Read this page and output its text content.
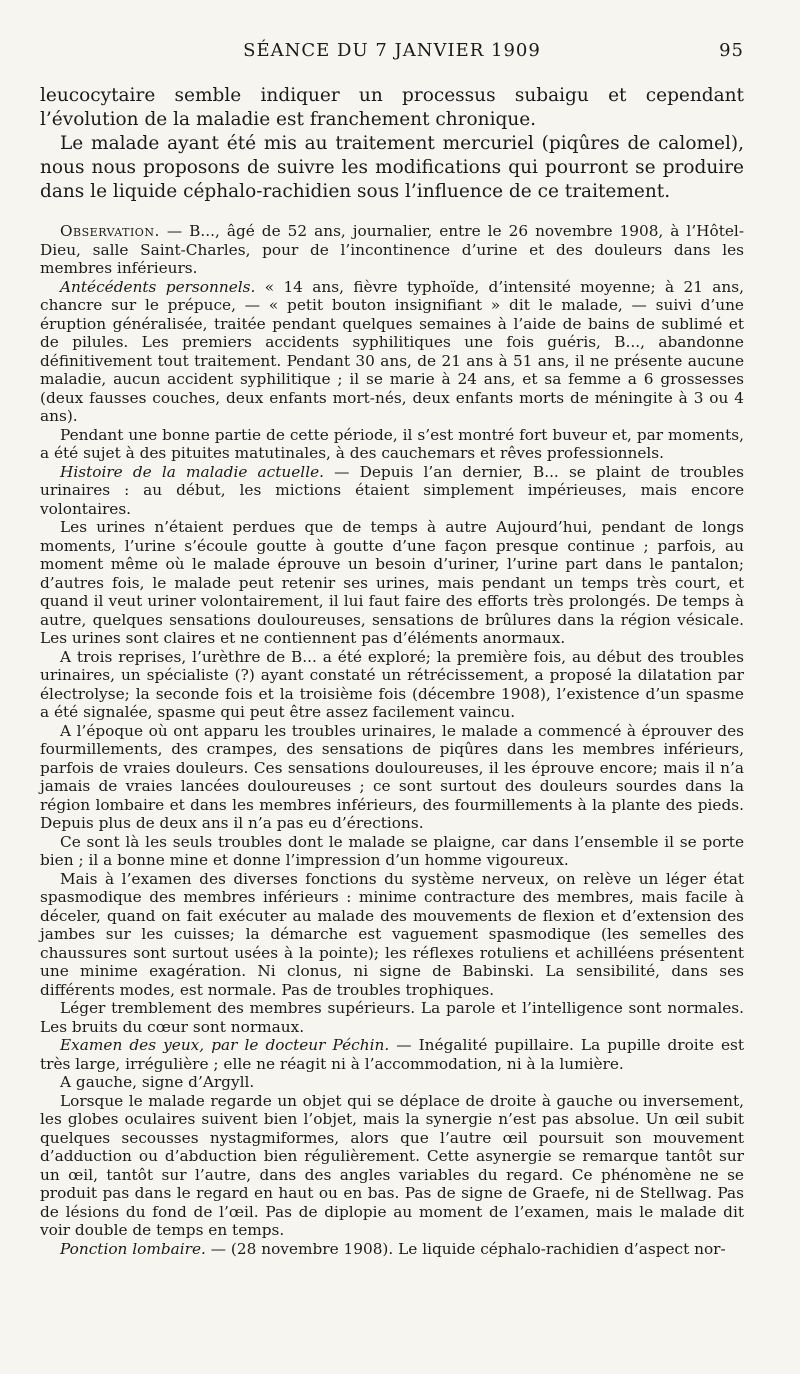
SÉANCE DU 7 JANVIER 1909	95

leucocytaire semble indiquer un processus subaigu et cependant l’évolution de la maladie est franchement chronique.

Le malade ayant été mis au traitement mercuriel (piqûres de calomel), nous nous proposons de suivre les modifications qui pourront se produire dans le liquide céphalo-rachidien sous l’influence de ce traitement.

Observation. — B..., âgé de 52 ans, journalier, entre le 26 novembre 1908, à l’Hôtel-Dieu, salle Saint-Charles, pour de l’incontinence d’urine et des douleurs dans les membres inférieurs.

Antécédents personnels. « 14 ans, fièvre typhoïde, d’intensité moyenne; à 21 ans, chancre sur le prépuce, — « petit bouton insignifiant » dit le malade, — suivi d’une éruption généralisée, traitée pendant quelques semaines à l’aide de bains de sublimé et de pilules. Les premiers accidents syphilitiques une fois guéris, B..., abandonne définitivement tout traitement. Pendant 30 ans, de 21 ans à 51 ans, il ne présente aucune maladie, aucun accident syphilitique ; il se marie à 24 ans, et sa femme a 6 grossesses (deux fausses couches, deux enfants mort-nés, deux enfants morts de méningite à 3 ou 4 ans).

Pendant une bonne partie de cette période, il s’est montré fort buveur et, par moments, a été sujet à des pituites matutinales, à des cauchemars et rêves professionnels.

Histoire de la maladie actuelle. — Depuis l’an dernier, B... se plaint de troubles urinaires : au début, les mictions étaient simplement impérieuses, mais encore volontaires.

Les urines n’étaient perdues que de temps à autre Aujourd’hui, pendant de longs moments, l’urine s’écoule goutte à goutte d’une façon presque continue ; parfois, au moment même où le malade éprouve un besoin d’uriner, l’urine part dans le pantalon; d’autres fois, le malade peut retenir ses urines, mais pendant un temps très court, et quand il veut uriner volontairement, il lui faut faire des efforts très prolongés. De temps à autre, quelques sensations douloureuses, sensations de brûlures dans la région vésicale. Les urines sont claires et ne contiennent pas d’éléments anormaux.

A trois reprises, l’urèthre de B... a été exploré; la première fois, au début des troubles urinaires, un spécialiste (?) ayant constaté un rétrécissement, a proposé la dilatation par électrolyse; la seconde fois et la troisième fois (décembre 1908), l’existence d’un spasme a été signalée, spasme qui peut être assez facilement vaincu.

A l’époque où ont apparu les troubles urinaires, le malade a commencé à éprouver des fourmillements, des crampes, des sensations de piqûres dans les membres inférieurs, parfois de vraies douleurs. Ces sensations douloureuses, il les éprouve encore; mais il n’a jamais de vraies lancées douloureuses ; ce sont surtout des douleurs sourdes dans la région lombaire et dans les membres inférieurs, des fourmillements à la plante des pieds. Depuis plus de deux ans il n’a pas eu d’érections.

Ce sont là les seuls troubles dont le malade se plaigne, car dans l’ensemble il se porte bien ; il a bonne mine et donne l’impression d’un homme vigoureux.

Mais à l’examen des diverses fonctions du système nerveux, on relève un léger état spasmodique des membres inférieurs : minime contracture des membres, mais facile à déceler, quand on fait exécuter au malade des mouvements de flexion et d’extension des jambes sur les cuisses; la démarche est vaguement spasmodique (les semelles des chaussures sont surtout usées à la pointe); les réflexes rotuliens et achilléens présentent une minime exagération. Ni clonus, ni signe de Babinski. La sensibilité, dans ses différents modes, est normale. Pas de troubles trophiques.

Léger tremblement des membres supérieurs. La parole et l’intelligence sont normales. Les bruits du cœur sont normaux.

Examen des yeux, par le docteur Péchin. — Inégalité pupillaire. La pupille droite est très large, irrégulière ; elle ne réagit ni à l’accommodation, ni à la lumière.

A gauche, signe d’Argyll.

Lorsque le malade regarde un objet qui se déplace de droite à gauche ou inversement, les globes oculaires suivent bien l’objet, mais la synergie n’est pas absolue. Un œil subit quelques secousses nystagmiformes, alors que l’autre œil poursuit son mouvement d’adduction ou d’abduction bien régulièrement. Cette asynergie se remarque tantôt sur un œil, tantôt sur l’autre, dans des angles variables du regard. Ce phénomène ne se produit pas dans le regard en haut ou en bas. Pas de signe de Graefe, ni de Stellwag. Pas de lésions du fond de l’œil. Pas de diplopie au moment de l’examen, mais le malade dit voir double de temps en temps.

Ponction lombaire. — (28 novembre 1908). Le liquide céphalo-rachidien d’aspect nor-
